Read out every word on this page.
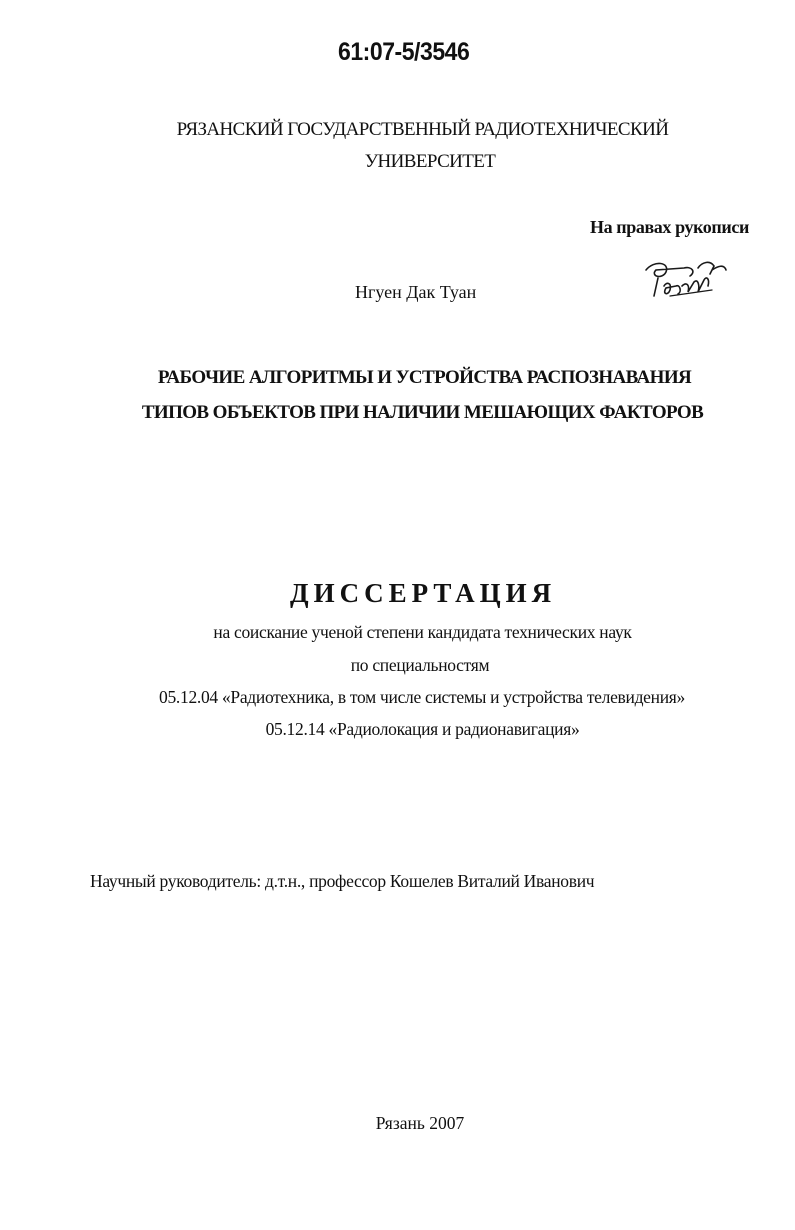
61:07-5/3546
РЯЗАНСКИЙ ГОСУДАРСТВЕННЫЙ РАДИОТЕХНИЧЕСКИЙ
УНИВЕРСИТЕТ
На правах рукописи
Нгуен Дак Туан
РАБОЧИЕ АЛГОРИТМЫ И УСТРОЙСТВА РАСПОЗНАВАНИЯ
ТИПОВ ОБЪЕКТОВ ПРИ НАЛИЧИИ МЕШАЮЩИХ ФАКТОРОВ
ДИССЕРТАЦИЯ
на соискание ученой степени кандидата технических наук
по специальностям
05.12.04 «Радиотехника, в том числе системы и устройства телевидения»
05.12.14 «Радиолокация и радионавигация»
Научный руководитель: д.т.н., профессор Кошелев Виталий Иванович
Рязань 2007
